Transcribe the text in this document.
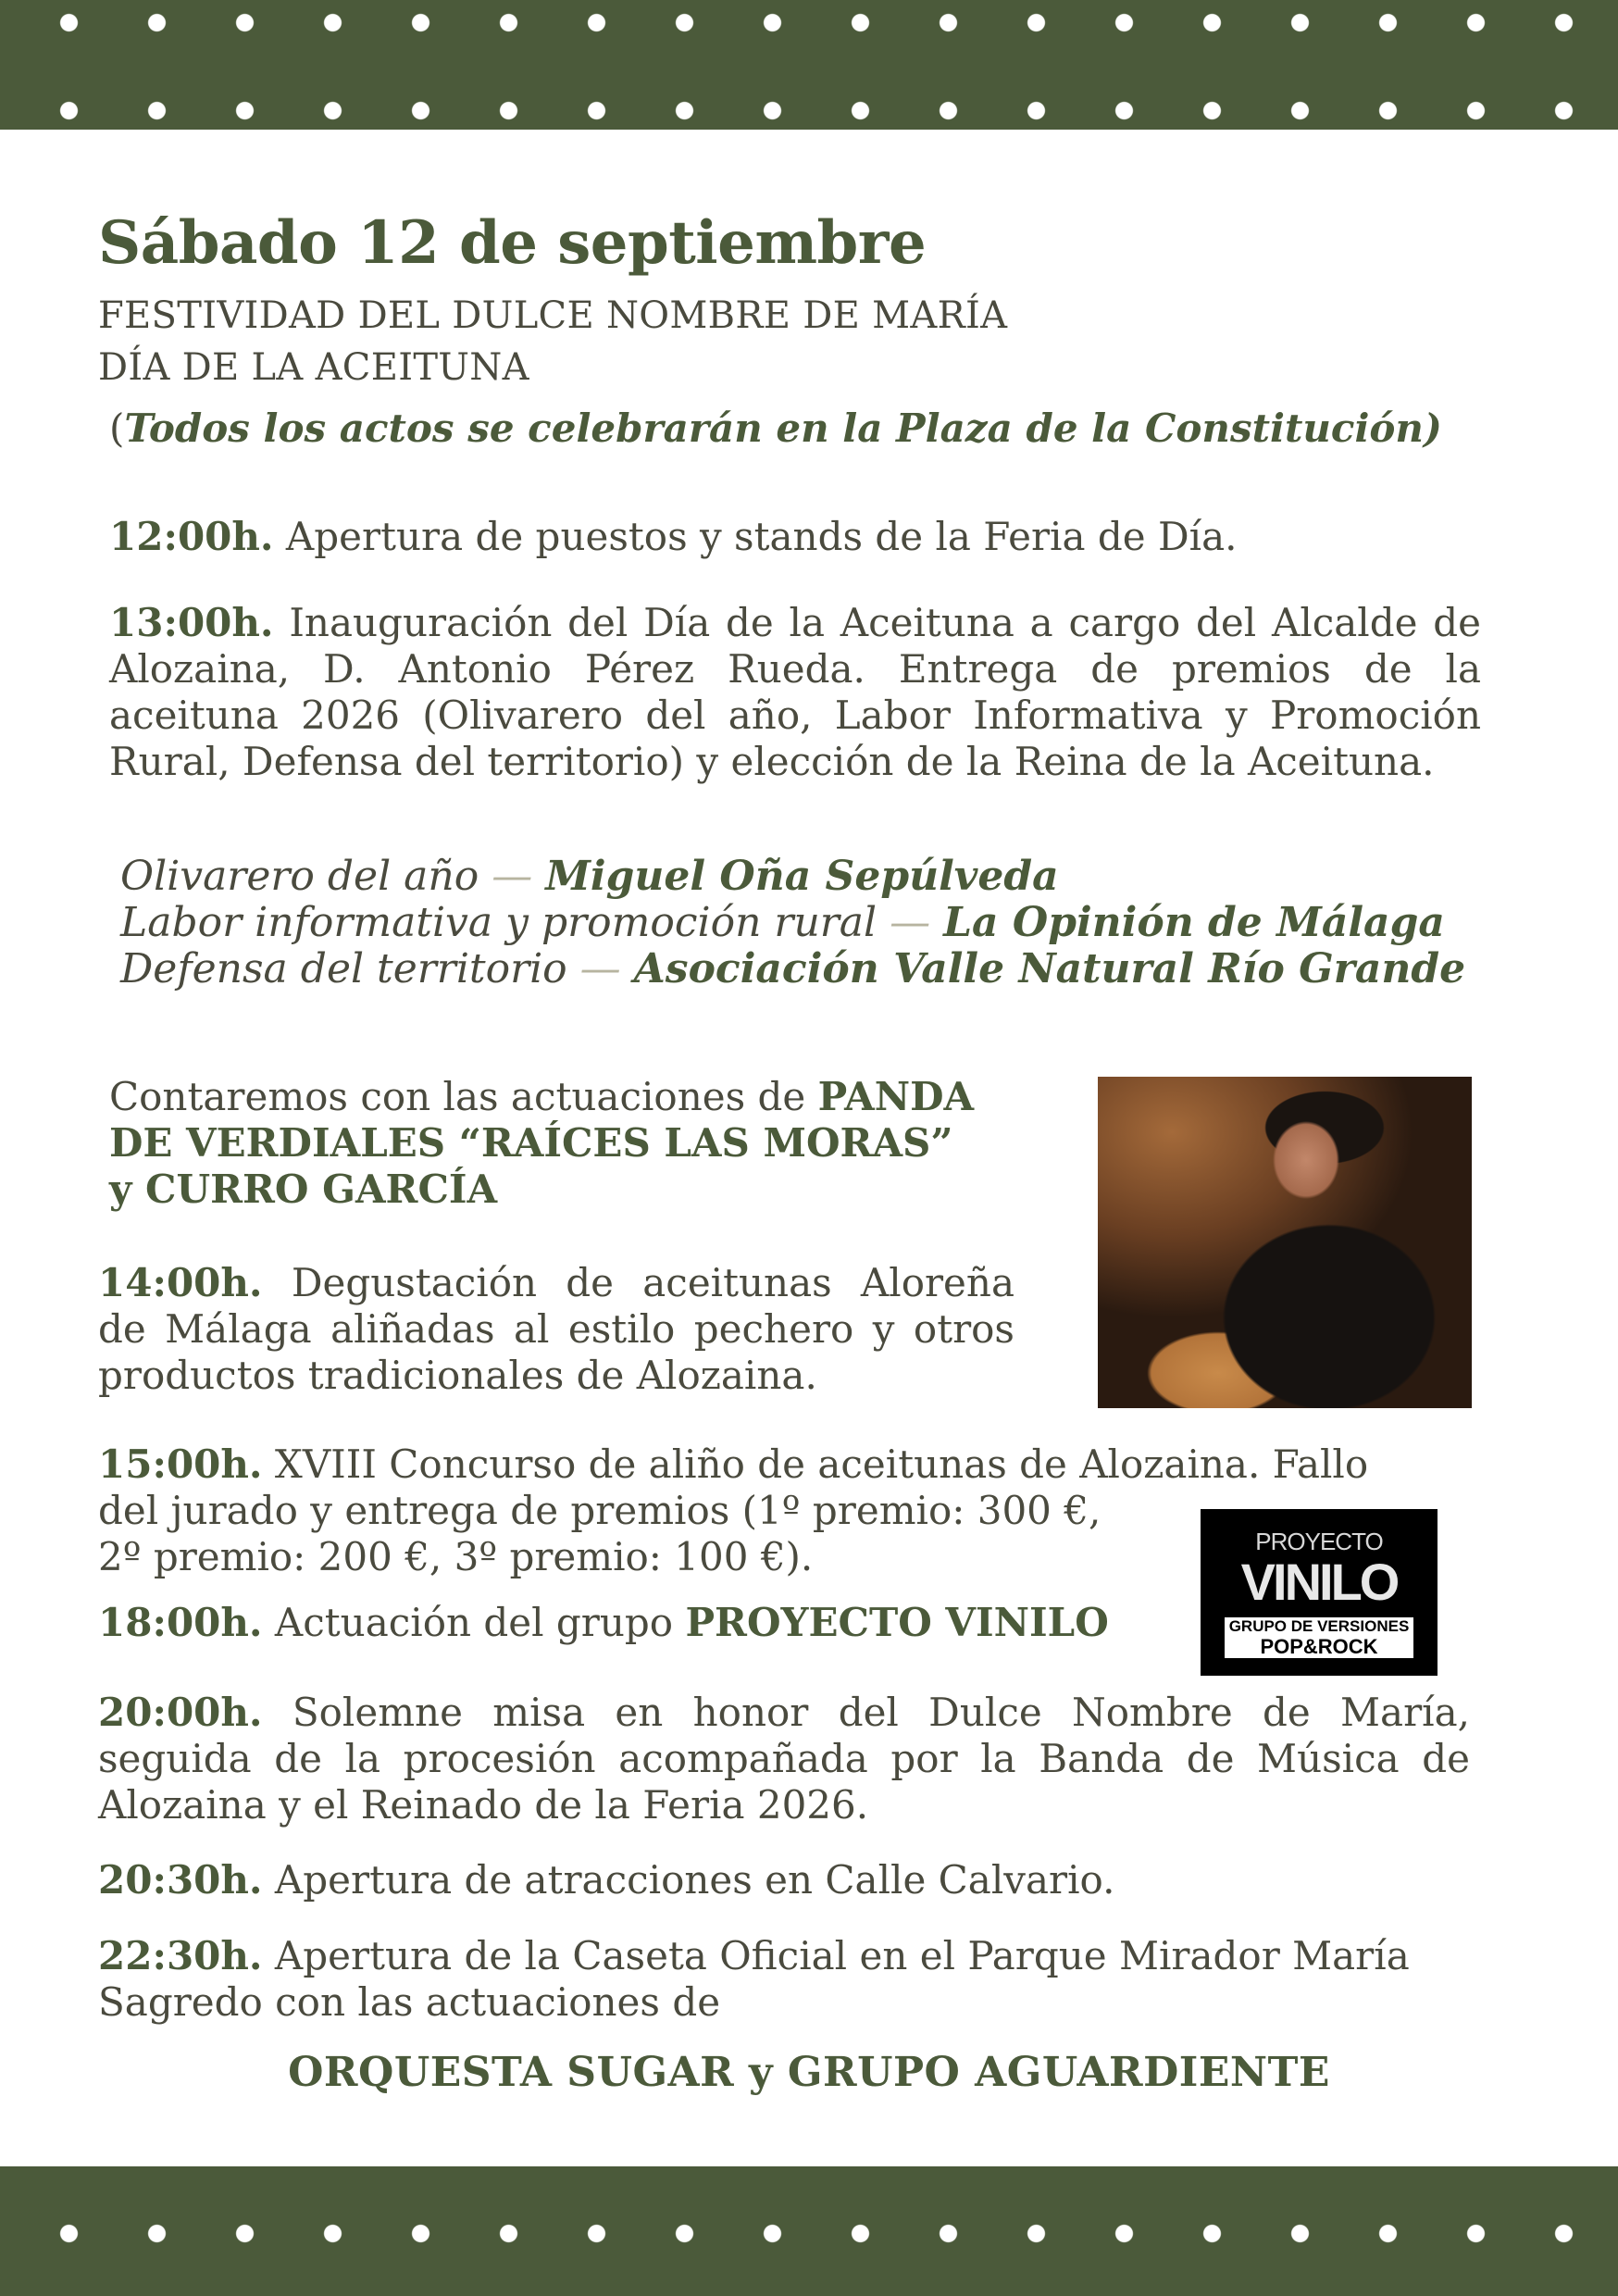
Sábado 12 de septiembre
FESTIVIDAD DEL DULCE NOMBRE DE MARÍA
DÍA DE LA ACEITUNA
(Todos los actos se celebrarán en la Plaza de la Constitución)
12:00h. Apertura de puestos y stands de la Feria de Día.
13:00h. Inauguración del Día de la Aceituna a cargo del Alcalde de
Alozaina, D. Antonio Pérez Rueda. Entrega de premios de la
aceituna 2026 (Olivarero del año, Labor Informativa y Promoción
Rural, Defensa del territorio) y elección de la Reina de la Aceituna.
Olivarero del año — Miguel Oña Sepúlveda
Labor informativa y promoción rural — La Opinión de Málaga
Defensa del territorio — Asociación Valle Natural Río Grande
Contaremos con las actuaciones de PANDA
DE VERDIALES “RAÍCES LAS MORAS”
y CURRO GARCÍA
14:00h. Degustación de aceitunas Aloreña
de Málaga aliñadas al estilo pechero y otros
productos tradicionales de Alozaina.
15:00h. XVIII Concurso de aliño de aceitunas de Alozaina. Fallo
del jurado y entrega de premios (1º premio: 300 €,
2º premio: 200 €, 3º premio: 100 €).
18:00h. Actuación del grupo PROYECTO VINILO
PROYECTO
VINILO
GRUPO DE VERSIONES
POP&ROCK
20:00h. Solemne misa en honor del Dulce Nombre de María,
seguida de la procesión acompañada por la Banda de Música de
Alozaina y el Reinado de la Feria 2026.
20:30h. Apertura de atracciones en Calle Calvario.
22:30h. Apertura de la Caseta Oficial en el Parque Mirador María
Sagredo con las actuaciones de
ORQUESTA SUGAR y GRUPO AGUARDIENTE
